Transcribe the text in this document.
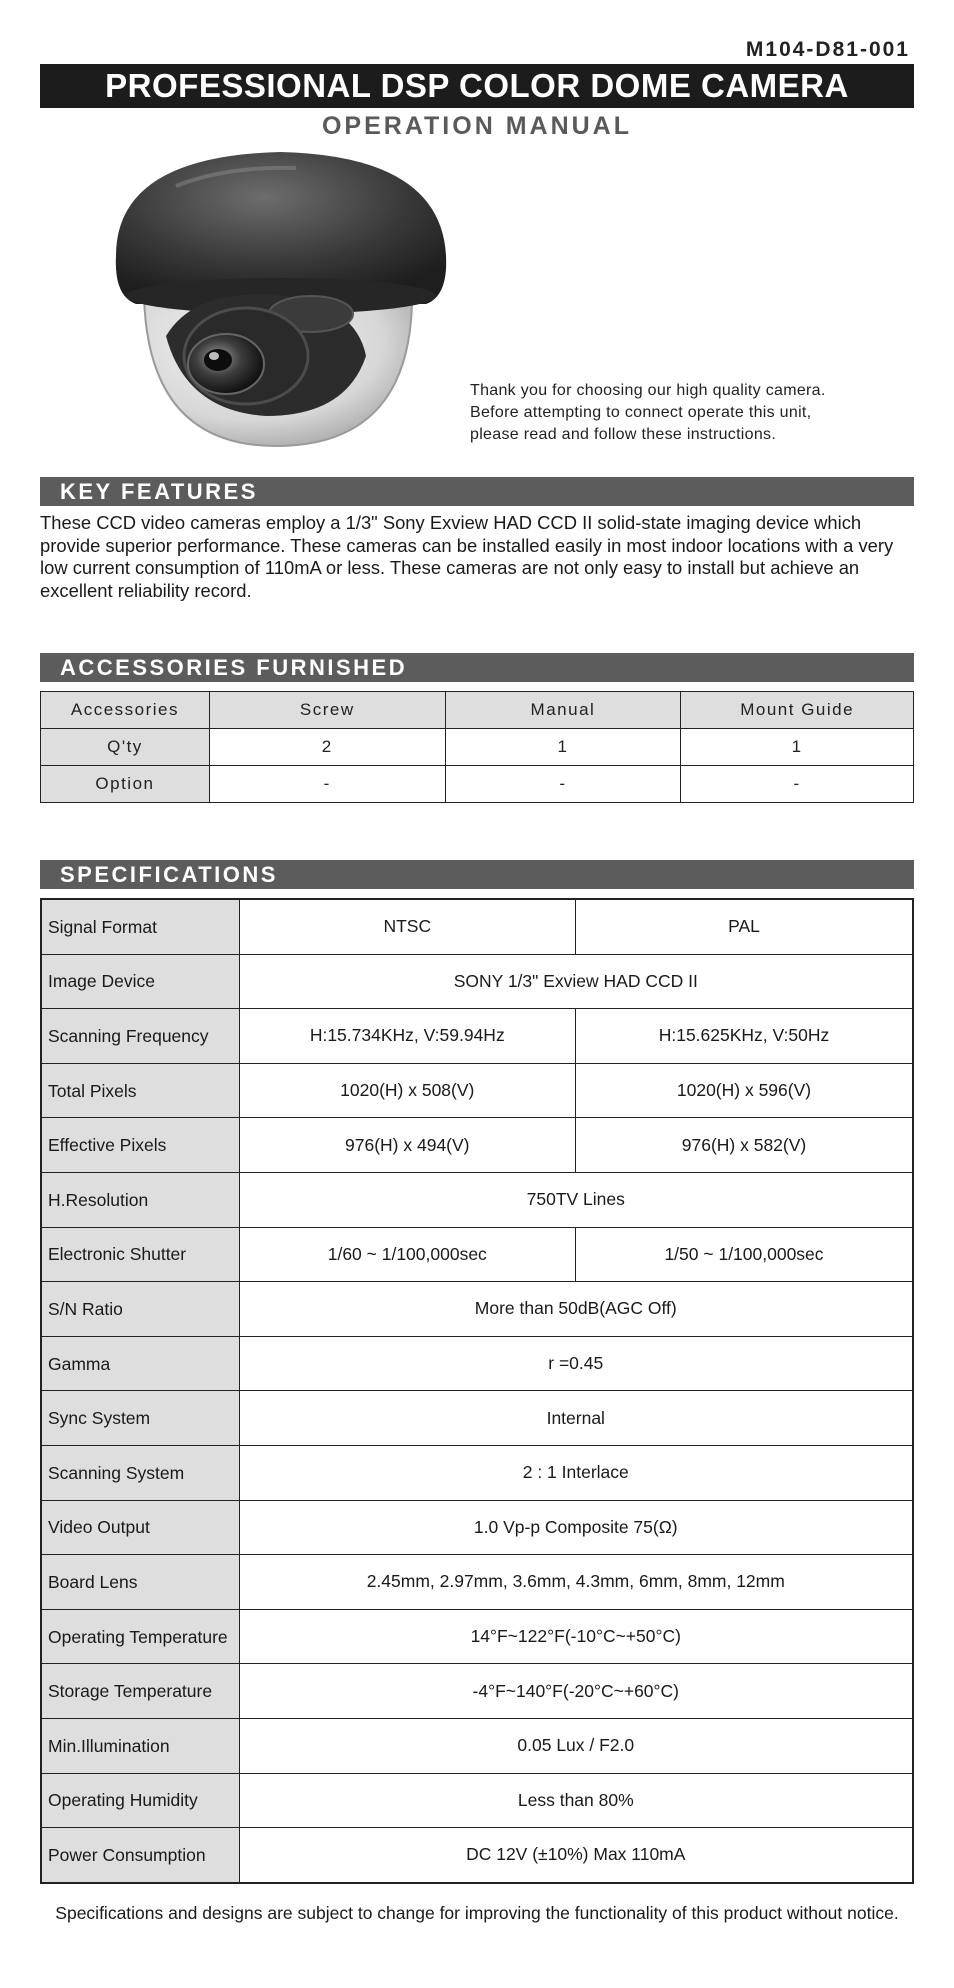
M104-D81-001
PROFESSIONAL DSP COLOR DOME CAMERA
OPERATION MANUAL
Thank you for choosing our high quality camera.
Before attempting to connect operate this unit,
please read and follow these instructions.
KEY FEATURES
These CCD video cameras employ a 1/3" Sony Exview HAD CCD II solid-state imaging device which provide superior performance. These cameras can be installed easily in most indoor locations with a very low current consumption of 110mA or less. These cameras are not only easy to install but achieve an excellent reliability record.
ACCESSORIES FURNISHED
Accessories	Screw	Manual	Mount Guide
Q'ty	2	1	1
Option	-	-	-
SPECIFICATIONS
Signal Format	NTSC	PAL
Image Device	SONY 1/3" Exview HAD CCD II	
Scanning Frequency	H:15.734KHz, V:59.94Hz	H:15.625KHz, V:50Hz
Total Pixels	1020(H) x 508(V)	1020(H) x 596(V)
Effective Pixels	976(H) x 494(V)	976(H) x 582(V)
H.Resolution	750TV Lines	
Electronic Shutter	1/60 ~ 1/100,000sec	1/50 ~ 1/100,000sec
S/N Ratio	More than 50dB(AGC Off)	
Gamma	r =0.45	
Sync System	Internal	
Scanning System	2 : 1 Interlace	
Video Output	1.0 Vp-p Composite 75(Ω)	
Board Lens	2.45mm, 2.97mm, 3.6mm, 4.3mm, 6mm, 8mm, 12mm	
Operating Temperature	14°F~122°F(-10°C~+50°C)	
Storage Temperature	-4°F~140°F(-20°C~+60°C)	
Min.Illumination	0.05 Lux / F2.0	
Operating Humidity	Less than 80%	
Power Consumption	DC 12V (±10%) Max 110mA	
Specifications and designs are subject to change for improving the functionality of this product without notice.
